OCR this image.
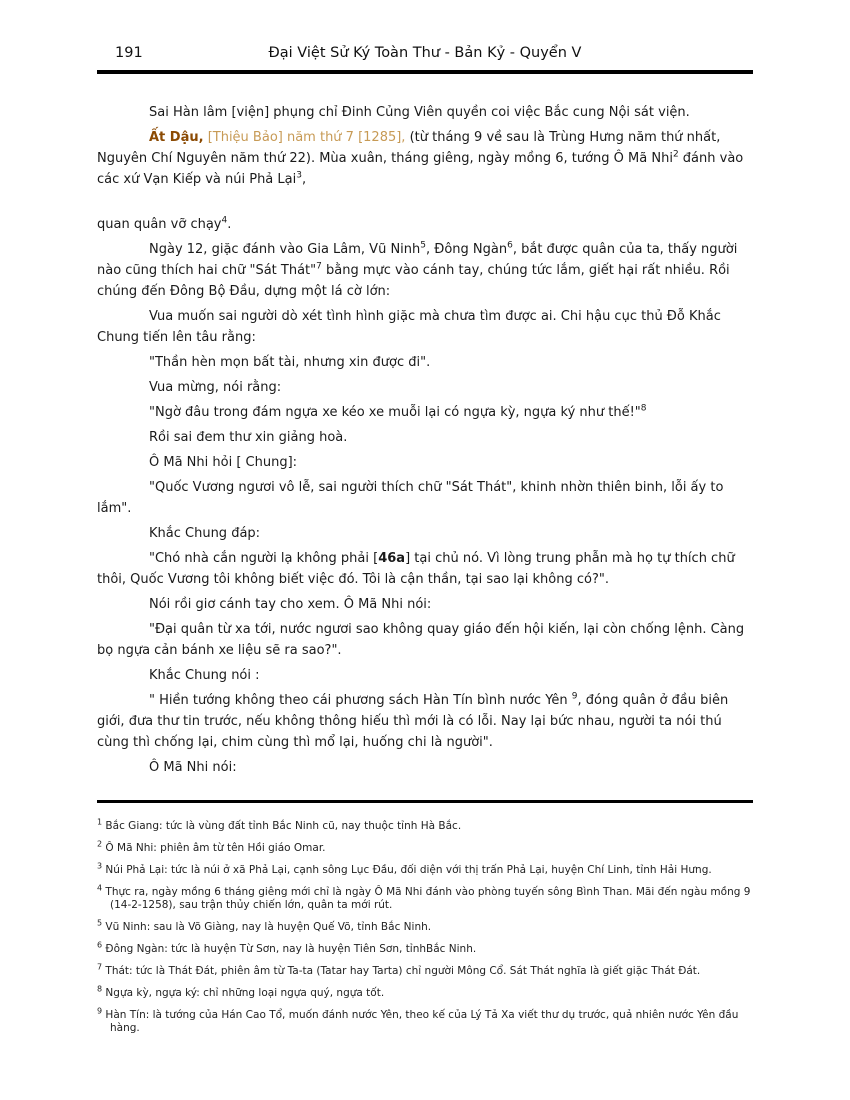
191	Đại Việt Sử Ký Toàn Thư - Bản Kỷ - Quyển V

Sai Hàn lâm [viện] phụng chỉ Đinh Củng Viên quyền coi việc Bắc cung Nội sát viện.

Ất Dậu, [Thiệu Bảo] năm thứ 7 [1285], (từ tháng 9 về sau là Trùng Hưng năm thứ nhất, Nguyên Chí Nguyên năm thứ 22). Mùa xuân, tháng giêng, ngày mồng 6, tướng Ô Mã Nhi$^2$ đánh vào các xứ Vạn Kiếp và núi Phả Lại$^3$,

quan quân vỡ chạy$^4$.

Ngày 12, giặc đánh vào Gia Lâm, Vũ Ninh$^5$, Đông Ngàn$^6$, bắt được quân của ta, thấy người nào cũng thích hai chữ "Sát Thát"$^7$ bằng mực vào cánh tay, chúng tức lắm, giết hại rất nhiều. Rồi chúng đến Đông Bộ Đầu, dựng một lá cờ lớn:

Vua muốn sai người dò xét tình hình giặc mà chưa tìm được ai. Chi hậu cục thủ Đỗ Khắc Chung tiến lên tâu rằng:

"Thần hèn mọn bất tài, nhưng xin được đi".

Vua mừng, nói rằng:

"Ngờ đâu trong đám ngựa xe kéo xe muỗi lại có ngựa kỳ, ngựa ký như thế!"$^8$

Rồi sai đem thư xin giảng hoà.

Ô Mã Nhi hỏi [ Chung]:

"Quốc Vương ngươi vô lễ, sai người thích chữ "Sát Thát", khinh nhờn thiên binh, lỗi ấy to lắm".

Khắc Chung đáp:

"Chó nhà cắn người lạ không phải [46a] tại chủ nó. Vì lòng trung phẫn mà họ tự thích chữ thôi, Quốc Vương tôi không biết việc đó. Tôi là cận thần, tại sao lại không có?".

Nói rồi giơ cánh tay cho xem. Ô Mã Nhi nói:

"Đại quân từ xa tới, nước ngươi sao không quay giáo đến hội kiến, lại còn chống lệnh. Càng bọ ngựa cản bánh xe liệu sẽ ra sao?".

Khắc Chung nói :

" Hiền tướng không theo cái phương sách Hàn Tín bình nước Yên $^9$, đóng quân ở đầu biên giới, đưa thư tin trước, nếu không thông hiếu thì mới là có lỗi. Nay lại bức nhau, người ta nói thú cùng thì chống lại, chim cùng thì mổ lại, huống chi là người".

Ô Mã Nhi nói:

$^1$ Bắc Giang: tức là vùng đất tỉnh Bắc Ninh cũ, nay thuộc tỉnh Hà Bắc.

$^2$ Ô Mã Nhi: phiên âm từ tên Hồi giáo Omar.

$^3$ Núi Phả Lại: tức là núi ở xã Phả Lại, cạnh sông Lục Đầu, đối diện với thị trấn Phả Lại, huyện Chí Linh, tỉnh Hải Hưng.

$^4$ Thực ra, ngày mồng 6 tháng giêng mới chỉ là ngày Ô Mã Nhi đánh vào phòng tuyến sông Bình Than. Mãi đến ngàu mồng 9 (14-2-1258), sau trận thủy chiến lớn, quân ta mới rút.

$^5$ Vũ Ninh: sau là Võ Giàng, nay là huyện Quế Võ, tỉnh Bắc Ninh.

$^6$ Đông Ngàn: tức là huyện Từ Sơn, nay là huyện Tiên Sơn, tỉnhBắc Ninh.

$^7$ Thát: tức là Thát Đát, phiên âm từ Ta-ta (Tatar hay Tarta) chỉ người Mông Cổ. Sát Thát nghĩa là giết giặc Thát Đát.

$^8$ Ngựa kỳ, ngựa ký: chỉ những loại ngựa quý, ngựa tốt.

$^9$ Hàn Tín: là tướng của Hán Cao Tổ, muốn đánh nước Yên, theo kế của Lý Tả Xa viết thư dụ trước, quả nhiên nước Yên đầu hàng.
